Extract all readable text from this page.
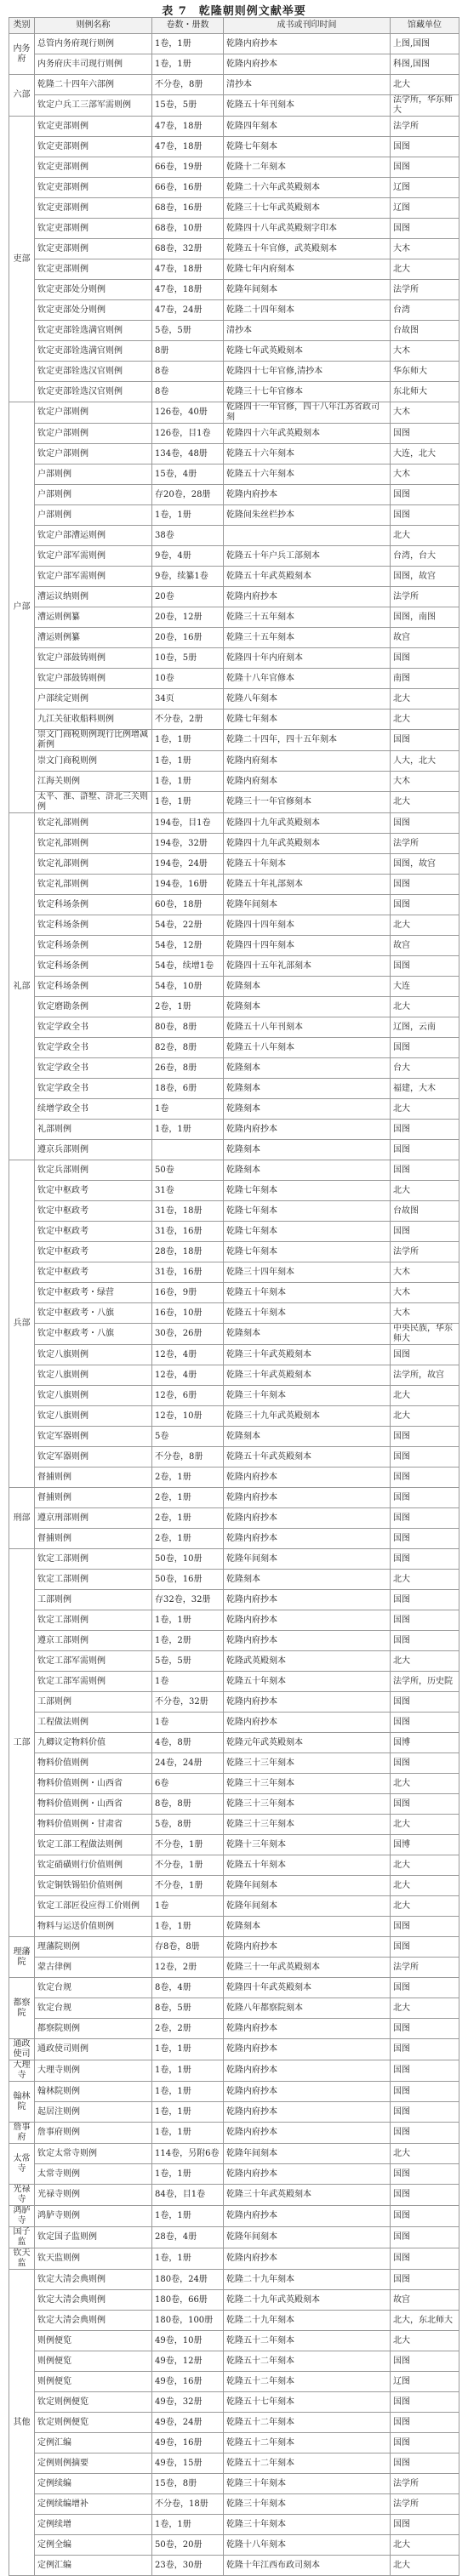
表 7　乾隆朝则例文献举要
类别	则例名称	卷数・册数	成书或刊印时间	馆藏单位
内务府	总管内务府现行则例	1卷，1册	乾隆内府抄本	上图,国图
	内务府庆丰司现行则例	1卷，1册	乾隆内府抄本	科图,国图
六部	乾隆二十四年六部例	不分卷，8册	清抄本	北大
	钦定户兵工三部军需则例	15卷，5册	乾隆五十年刊刻本	法学所，华东师大
吏部	钦定吏部则例	47卷，18册	乾隆四年刻本	法学所
	钦定吏部则例	47卷，18册	乾隆七年刻本	国图
	钦定吏部则例	66卷，19册	乾隆十二年刻本	国图
	钦定吏部则例	66卷，16册	乾隆二十六年武英殿刻本	辽图
	钦定吏部则例	68卷，16册	乾隆三十七年武英殿刻本	辽图
	钦定吏部则例	68卷，10册	乾隆四十八年武英殿刻字印本	国图
	钦定吏部则例	68卷，32册	乾隆五十年官修，武英殿刻本	大木
	钦定吏部则例	47卷，18册	乾隆七年内府刻本	北大
	钦定吏部处分则例	47卷，18册	乾隆年间刻本	法学所
	钦定吏部处分则例	47卷，24册	乾隆二十四年刻本	台湾
	钦定吏部铨选满官则例	5卷，5册	清抄本	台故图
	钦定吏部铨选满官则例	8册	乾隆七年武英殿刻本	大木
	钦定吏部铨选汉官则例	8卷	乾隆四十七年官修,清抄本	华东师大
	钦定吏部铨选汉官则例	8卷	乾隆三十七年官修本	东北师大
户部	钦定户部则例	126卷，40册	乾隆四十一年官修，四十八年江苏省政司刻	大木
	钦定户部则例	126卷，目1卷	乾隆四十六年武英殿刻本	国图
	钦定户部则例	134卷，48册	乾隆五十六年刻本	大连，北大
	户部则例	15卷，4册	乾隆五十六年刻本	大木
	户部则例	存20卷，28册	乾隆内府抄本	国图
	户部则例	1卷，1册	乾隆间朱丝栏抄本	国图
	钦定户部漕运则例	38卷		北大
	钦定户部军需则例	9卷，4册	乾隆五十年户兵工部刻本	台湾，台大
	钦定户部军需则例	9卷，续纂1卷	乾隆五十年武英殿刻本	国图，故宫
	漕运议纳则例	20卷	乾隆内府抄本	法学所
	漕运则例纂	20卷，12册	乾隆三十五年刻本	国图，南图
	漕运则例纂	20卷，16册	乾隆三十五年刻本	故宫
	钦定户部鼓铸则例	10卷，5册	乾隆四十年内府刻本	国图
	钦定户部鼓铸则例	10卷	乾隆十八年官修本	南图
	户部续定则例	34页	乾隆八年刻本	北大
	九江关征收船料则例	不分卷，2册	乾隆七年刻本	北大
	崇文门商税则例现行比例增减新例	1卷，1册	乾隆二十四年，四十五年刻本	国图
	崇文门商税则例	1卷，1册	乾隆内府刻本	人大，北大
	江海关则例	1卷，1册	乾隆内府刻本	大木
	太平、淮、滸墅、浒北三关则例	1卷，1册	乾隆三十一年官修刻本	北大
礼部	钦定礼部则例	194卷，目1卷	乾隆四十九年武英殿刻本	国图
	钦定礼部则例	194卷，32册	乾隆四十九年武英殿刻本	法学所
	钦定礼部则例	194卷，24册	乾隆五十年刻本	国图，故宫
	钦定礼部则例	194卷，16册	乾隆五十年礼部刻本	国图
	钦定科场条例	60卷，18册	乾隆年间刻本	国图
	钦定科场条例	54卷，22册	乾隆四十四年刻本	北大
	钦定科场条例	54卷，12册	乾隆四十四年刻本	故宫
	钦定科场条例	54卷，续增1卷	乾隆四十五年礼部刻本	国图
	钦定科场条例	54卷，10册	乾隆刻本	大连
	钦定磨勘条例	2卷，1册	乾隆刻本	北大
	钦定学政全书	80卷，8册	乾隆五十八年刊刻本	辽图，云南
	钦定学政全书	82卷，8册	乾隆五十八年刻本	国图
	钦定学政全书	26卷，8册	乾隆刻本	台大
	钦定学政全书	18卷，6册	乾隆刻本	福建，大木
	续增学政全书	1卷	乾隆刻本	北大
	礼部则例	1卷，1册	乾隆内府抄本	国图
	遵京兵部则例		乾隆刻本	国图
兵部	钦定兵部则例	50卷	乾隆刻本	国图
	钦定中枢政考	31卷	乾隆七年刻本	北大
	钦定中枢政考	31卷，18册	乾隆七年刻本	台故图
	钦定中枢政考	31卷，16册	乾隆七年刻本	国图
	钦定中枢政考	28卷，18册	乾隆七年刻本	法学所
	钦定中枢政考	31卷，16册	乾隆三十四年刻本	大木
	钦定中枢政考・绿营	16卷，9册	乾隆五十年刻本	大木
	钦定中枢政考・八旗	16卷，10册	乾隆五十年刻本	大木
	钦定中枢政考・八旗	30卷，26册	乾隆刻本	中央民族，华东师大
	钦定八旗则例	12卷，4册	乾隆三十年武英殿刻本	国图
	钦定八旗则例	12卷，4册	乾隆三十年武英殿刻本	法学所，故宫
	钦定八旗则例	12卷，6册	乾隆三十年刻本	北大
	钦定八旗则例	12卷，10册	乾隆三十九年武英殿刻本	北大
	钦定军器则例	5卷	乾隆刻本	国图
	钦定军器则例	不分卷，8册	乾隆五十年武英殿刻本	国图
	督捕则例	2卷，1册	乾隆内府抄本	国图
刑部	督捕则例	2卷，1册	乾隆内府抄本	国图
	遵京刑部则例	2卷，1册	乾隆内府抄本	国图
	督捕则例	2卷，1册	乾隆内府抄本	国图
工部	钦定工部则例	50卷，10册	乾隆年间刻本	国图
	钦定工部则例	50卷，16册	乾隆刻本	北大
	工部则例	存32卷，32册	乾隆内府抄本	国图
	钦定工部则例	1卷，1册	乾隆内府抄本	国图
	遵京工部则例	1卷，2册	乾隆内府抄本	国图
	钦定工部军需则例	5卷，5册	乾隆武英殿刻本	北大
	钦定工部军需则例	1卷	乾隆五十年刻本	法学所，历史院
	工部则例	不分卷，32册	乾隆内府抄本	国图
	工程做法则例	1卷	乾隆内府抄本	国图
	九卿议定物料价值	4卷，8册	乾隆元年武英殿刻本	国博
	物料价值则例	24卷，24册	乾隆三十三年刻本	国图
	物料价值则例・山西省	6卷	乾隆三十三年刻本	北大
	物料价值则例・山西省	8卷，8册	乾隆三十三年刻本	国图
	物料价值则例・甘肃省	5卷，8册	乾隆三十三年刻本	北大
	钦定工部工程做法则例	不分卷，1册	乾隆十三年刻本	国博
	钦定硝磺则行价值则例	不分卷，1册	乾隆五十年刻本	北大
	钦定铜铁锡铅价值则例	不分卷，1册	乾隆年间刻本	北大
	钦定工部匠役应得工价则例	1卷	乾隆年间刻本	北大
	物料与运送价值则例	1卷，1册	乾隆刻本	国图
理藩院	理藩院则例	存8卷，8册	乾隆内府抄本	国图
	蒙古律例	12卷，2册	乾隆三十一年武英殿刻本	法学所
都察院	钦定台规	8卷，4册	乾隆四十年武英殿刻本	国图
	钦定台规	8卷，5册	乾隆八年都察院刻本	北大
	都察院则例	2卷，2册	乾隆内府抄本	国图
通政使司	通政使司则例	1卷，1册	乾隆内府抄本	国图
大理寺	大理寺则例	1卷，1册	乾隆内府抄本	国图
翰林院	翰林院则例	1卷，1册	乾隆内府抄本	国图
	起居注则例	1卷，1册	乾隆内府抄本	国图
詹事府	詹事府则例	1卷，1册	乾隆内府抄本	国图
太常寺	钦定太常寺则例	114卷，另附6卷	乾隆年间刻本	北大
	太常寺则例	1卷，1册	乾隆内府抄本	国图
光禄寺	光禄寺则例	84卷，目1卷	乾隆三十年武英殿刻本	国图
鸿胪寺	鸿胪寺则例	1卷，1册	乾隆内府抄本	国图
国子监	钦定国子监则例	28卷，4册	乾隆年间刻本	国图
钦天监	钦天监则例	1卷，1册	乾隆内府抄本	国图
其他	钦定大清会典则例	180卷，24册	乾隆二十九年刻本	国图
	钦定大清会典则例	180卷，66册	乾隆二十九年武英殿刻本	故宫
	钦定大清会典则例	180卷，100册	乾隆二十九年刻本	北大，东北师大
	则例便览	49卷，10册	乾隆五十二年刻本	北大
	则例便览	49卷，12册	乾隆五十二年刻本	国图
	则例便览	49卷，16册	乾隆五十二年刻本	辽图
	钦定则例便览	49卷，32册	乾隆五十七年刻本	国图
	钦定则例便览	49卷，24册	乾隆五十二年刻本	国图
	定例汇编	49卷，16册	乾隆五十二年刻本	国图
	定例则例摘要	49卷，15册	乾隆五十二年刻本	国图
	定例续编	15卷，8册	乾隆三十年刻本	法学所
	定例续编增补	不分卷，18册	乾隆三十年刻本	法学所
	定例续增	1卷，1册	乾隆三十年刻本	国图
	定例全编	50卷，20册	乾隆十八年刻本	北大
	定例汇编	23卷，30册	乾隆十年江西布政司刻本	北大
